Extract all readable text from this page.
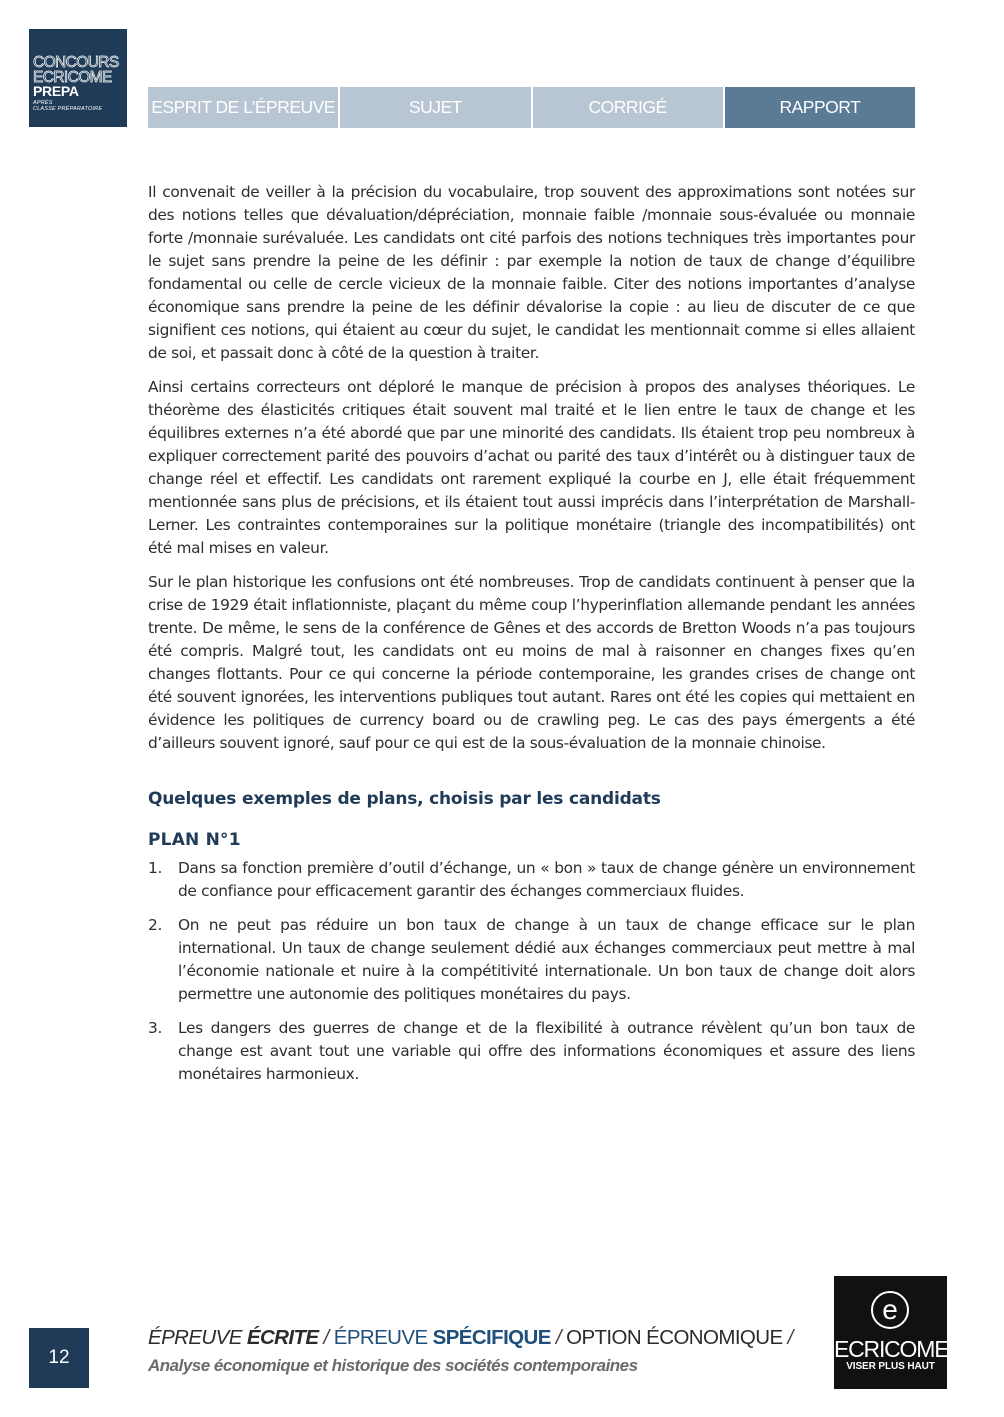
CONCOURS
ECRICOME
PREPA
APRÈS
CLASSE PRÉPARATOIRE	ESPRIT DE L’ÉPREUVE	SUJET	CORRIGÉ	RAPPORT

Il convenait de veiller à la précision du vocabulaire, trop souvent des approximations sont notées sur des notions telles que dévaluation/dépréciation, monnaie faible /monnaie sous-évaluée ou monnaie forte /monnaie surévaluée. Les candidats ont cité parfois des notions techniques très importantes pour le sujet sans prendre la peine de les définir : par exemple la notion de taux de change d’équilibre fondamental ou celle de cercle vicieux de la monnaie faible. Citer des notions importantes d’analyse économique sans prendre la peine de les définir dévalorise la copie : au lieu de discuter de ce que signifient ces notions, qui étaient au cœur du sujet, le candidat les mentionnait comme si elles allaient de soi, et passait donc à côté de la question à traiter.

Ainsi certains correcteurs ont déploré le manque de précision à propos des analyses théoriques. Le théorème des élasticités critiques était souvent mal traité et le lien entre le taux de change et les équilibres externes n’a été abordé que par une minorité des candidats. Ils étaient trop peu nombreux à expliquer correctement parité des pouvoirs d’achat ou parité des taux d’intérêt ou à distinguer taux de change réel et effectif. Les candidats ont rarement expliqué la courbe en J, elle était fréquemment mentionnée sans plus de précisions, et ils étaient tout aussi imprécis dans l’interprétation de Marshall-Lerner. Les contraintes contemporaines sur la politique monétaire (triangle des incompatibilités) ont été mal mises en valeur.

Sur le plan historique les confusions ont été nombreuses. Trop de candidats continuent à penser que la crise de 1929 était inflationniste, plaçant du même coup l’hyperinflation allemande pendant les années trente. De même, le sens de la conférence de Gênes et des accords de Bretton Woods n’a pas toujours été compris. Malgré tout, les candidats ont eu moins de mal à raisonner en changes fixes qu’en changes flottants. Pour ce qui concerne la période contemporaine, les grandes crises de change ont été souvent ignorées, les interventions publiques tout autant. Rares ont été les copies qui mettaient en évidence les politiques de currency board ou de crawling peg. Le cas des pays émergents a été d’ailleurs souvent ignoré, sauf pour ce qui est de la sous-évaluation de la monnaie chinoise.

Quelques exemples de plans, choisis par les candidats
PLAN N°1
1. Dans sa fonction première d’outil d’échange, un « bon » taux de change génère un environnement de confiance pour efficacement garantir des échanges commerciaux fluides.
2. On ne peut pas réduire un bon taux de change à un taux de change efficace sur le plan international. Un taux de change seulement dédié aux échanges commerciaux peut mettre à mal l’économie nationale et nuire à la compétitivité internationale. Un bon taux de change doit alors permettre une autonomie des politiques monétaires du pays.
3. Les dangers des guerres de change et de la flexibilité à outrance révèlent qu’un bon taux de change est avant tout une variable qui offre des informations économiques et assure des liens monétaires harmonieux.
12
ÉPREUVE ÉCRITE / ÉPREUVE SPÉCIFIQUE / OPTION ÉCONOMIQUE /
Analyse économique et historique des sociétés contemporaines
e
ECRICOME
VISER PLUS HAUT
